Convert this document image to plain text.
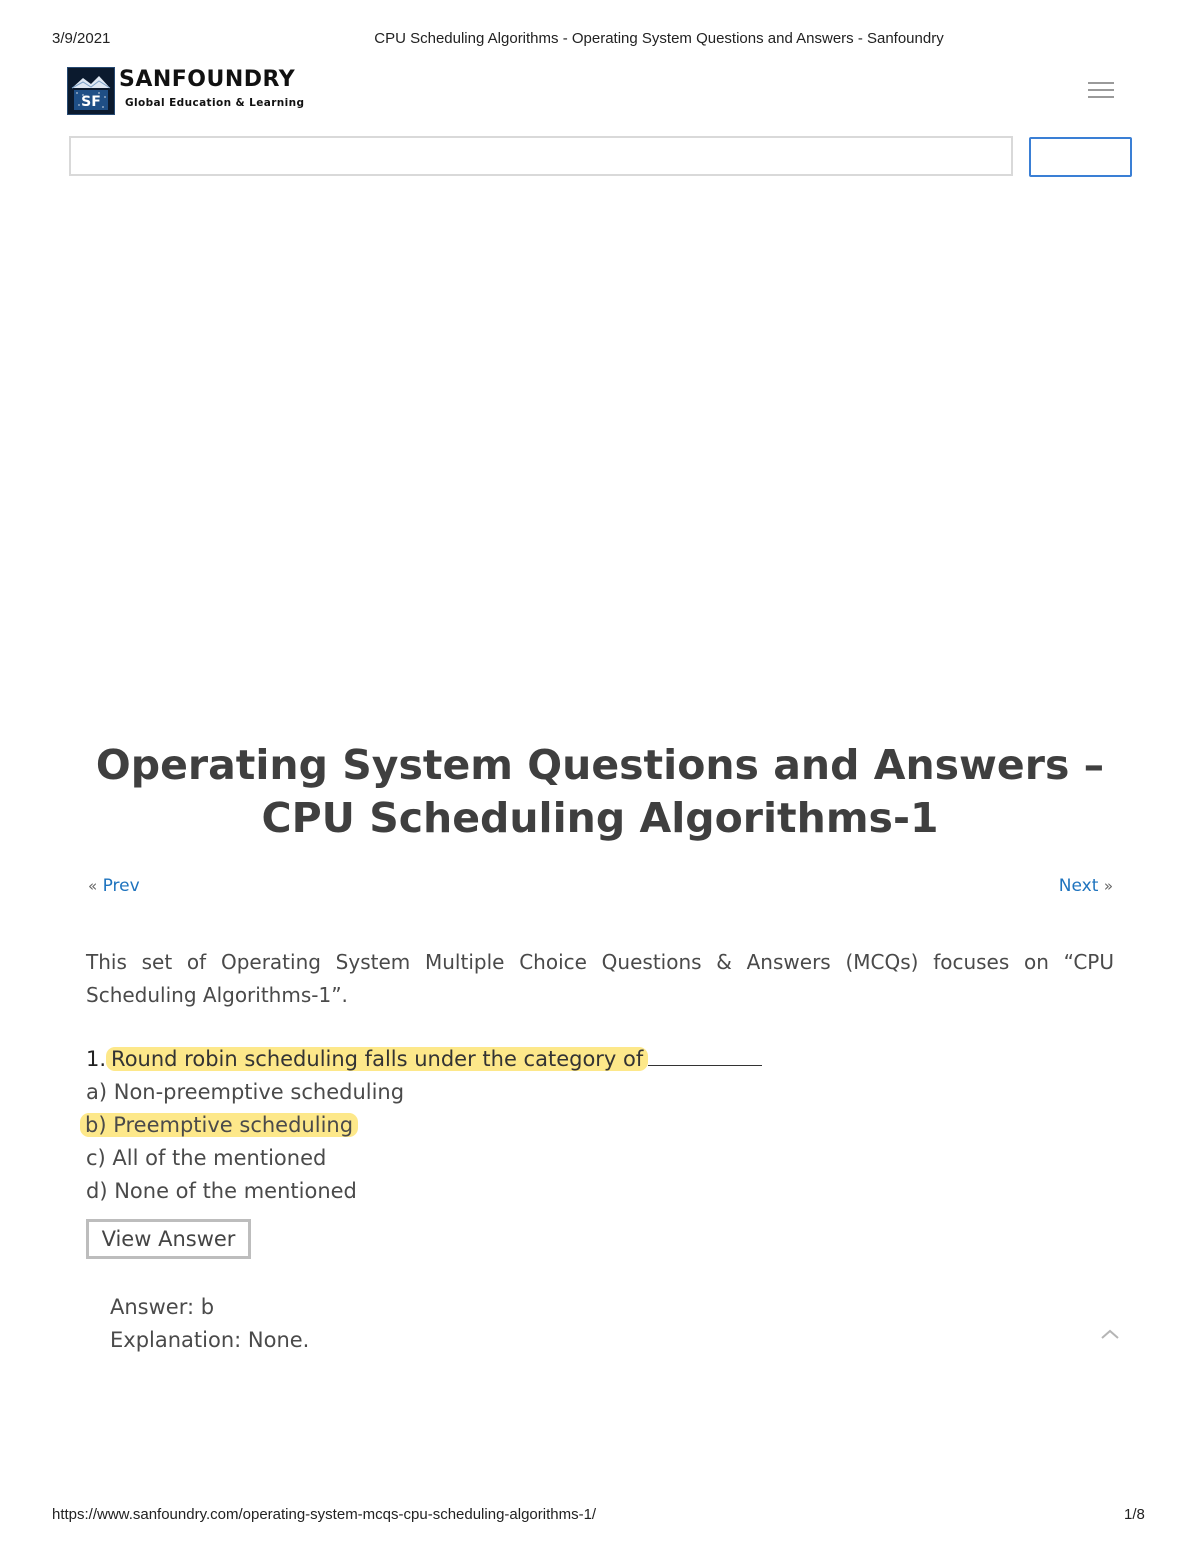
3/9/2021	CPU Scheduling Algorithms - Operating System Questions and Answers - Sanfoundry
SF
SANFOUNDRY
Global Education & Learning
Operating System Questions and Answers – CPU Scheduling Algorithms-1
« Prev	Next »

This set of Operating System Multiple Choice Questions & Answers (MCQs) focuses on “CPU Scheduling Algorithms-1”.

1. Round robin scheduling falls under the category of
a) Non-preemptive scheduling
b) Preemptive scheduling
c) All of the mentioned
d) None of the mentioned
View Answer
Answer: b
Explanation: None.
https://www.sanfoundry.com/operating-system-mcqs-cpu-scheduling-algorithms-1/	1/8
